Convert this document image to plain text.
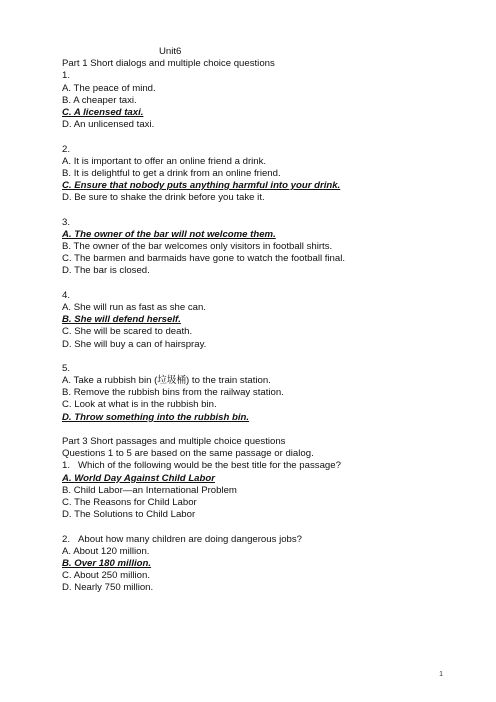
Unit6
Part 1 Short dialogs and multiple choice questions
1.
A. The peace of mind.
B. A cheaper taxi.
C. A licensed taxi.
D. An unlicensed taxi.
2.
A. It is important to offer an online friend a drink.
B. It is delightful to get a drink from an online friend.
C. Ensure that nobody puts anything harmful into your drink.
D. Be sure to shake the drink before you take it.
3.
A. The owner of the bar will not welcome them.
B. The owner of the bar welcomes only visitors in football shirts.
C. The barmen and barmaids have gone to watch the football final.
D. The bar is closed.
4.
A. She will run as fast as she can.
B. She will defend herself.
C. She will be scared to death.
D. She will buy a can of hairspray.
5.
A. Take a rubbish bin (垃圾桶) to the train station.
B. Remove the rubbish bins from the railway station.
C. Look at what is in the rubbish bin.
D. Throw something into the rubbish bin.
Part 3 Short passages and multiple choice questions
Questions 1 to 5 are based on the same passage or dialog.
1.   Which of the following would be the best title for the passage?
A. World Day Against Child Labor
B. Child Labor—an International Problem
C. The Reasons for Child Labor
D. The Solutions to Child Labor
2.   About how many children are doing dangerous jobs?
A. About 120 million.
B. Over 180 million.
C. About 250 million.
D. Nearly 750 million.
1
